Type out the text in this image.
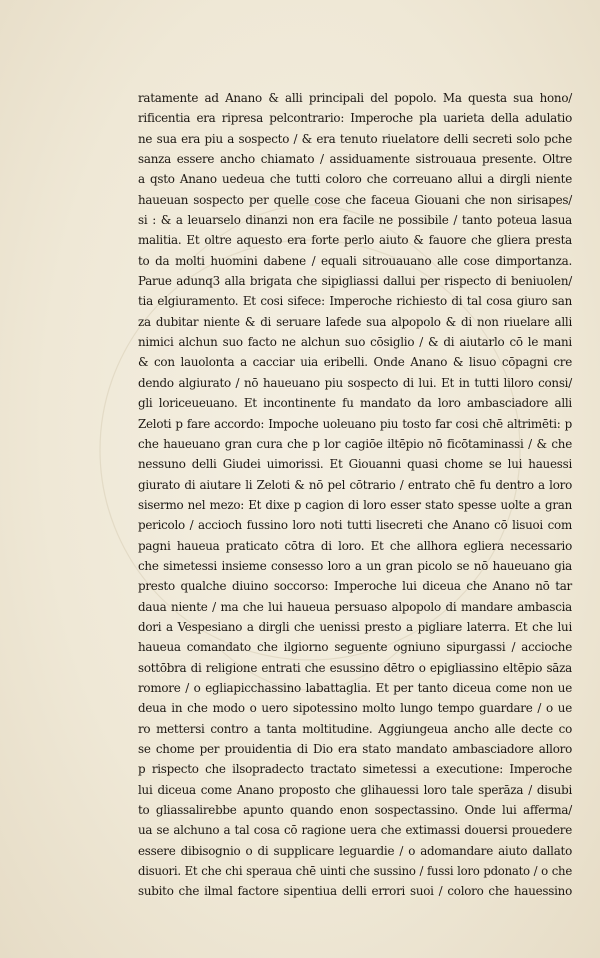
ratamente ad Anano & alli principali del popolo. Ma questa sua hono/
rificentia era ripresa pelcontrario: Imperoche pla uarieta della adulatio
ne sua era piu a sospecto / & era tenuto riuelatore delli secreti solo pche
sanza essere ancho chiamato / assiduamente sistrouaua presente. Oltre
a qsto Anano uedeua che tutti coloro che correuano allui a dirgli niente
haueuan sospecto per quelle cose che faceua Giouani che non sirisapes/
si : & a leuarselo dinanzi non era facile ne possibile / tanto poteua lasua
malitia. Et oltre aquesto era forte perlo aiuto & fauore che gliera presta
to da molti huomini dabene / equali sitrouauano alle cose dimportanza.
Parue adunq3 alla brigata che sipigliassi dallui per rispecto di beniuolen/
tia elgiuramento. Et cosi sifece: Imperoche richiesto di tal cosa giuro san
za dubitar niente & di seruare lafede sua alpopolo & di non riuelare alli
nimici alchun suo facto ne alchun suo cōsiglio / & di aiutarlo cō le mani
& con lauolonta a cacciar uia eribelli. Onde Anano & lisuo cōpagni cre
dendo algiurato / nō haueuano piu sospecto di lui. Et in tutti liloro consi/
gli loriceueuano. Et incontinente fu mandato da loro ambasciadore alli
Zeloti p fare accordo: Impoche uoleuano piu tosto far cosi chē altrimēti: p
che haueuano gran cura che p lor cagiōe iltēpio nō ficōtaminassi / & che
nessuno delli Giudei uimorissi. Et Giouanni quasi chome se lui hauessi
giurato di aiutare li Zeloti & nō pel cōtrario / entrato chē fu dentro a loro
sisermo nel mezo: Et dixe p cagion di loro esser stato spesse uolte a gran
pericolo / accioch fussino loro noti tutti lisecreti che Anano cō lisuoi com
pagni haueua praticato cōtra di loro. Et che allhora egliera necessario
che simetessi insieme consesso loro a un gran picolo se nō haueuano gia
presto qualche diuino soccorso: Imperoche lui diceua che Anano nō tar
daua niente / ma che lui haueua persuaso alpopolo di mandare ambascia
dori a Vespesiano a dirgli che uenissi presto a pigliare laterra. Et che lui
haueua comandato che ilgiorno seguente ogniuno sipurgassi / accioche
sottōbra di religione entrati che esussino dētro o epigliassino eltēpio sāza
romore / o egliapicchassino labattaglia. Et per tanto diceua come non ue
deua in che modo o uero sipotessino molto lungo tempo guardare / o ue
ro mettersi contro a tanta moltitudine. Aggiungeua ancho alle decte co
se chome per prouidentia di Dio era stato mandato ambasciadore alloro
p rispecto che ilsopradecto tractato simetessi a executione: Imperoche
lui diceua come Anano proposto che glihauessi loro tale sperāza / disubi
to gliassalirebbe apunto quando enon sospectassino. Onde lui afferma/
ua se alchuno a tal cosa cō ragione uera che extimassi douersi prouedere
essere dibisognio o di supplicare leguardie / o adomandare aiuto dallato
disuori. Et che chi speraua chē uinti che sussino / fussi loro pdonato / o che
subito che ilmal factore sipentiua delli errori suoi / coloro che hauessino
